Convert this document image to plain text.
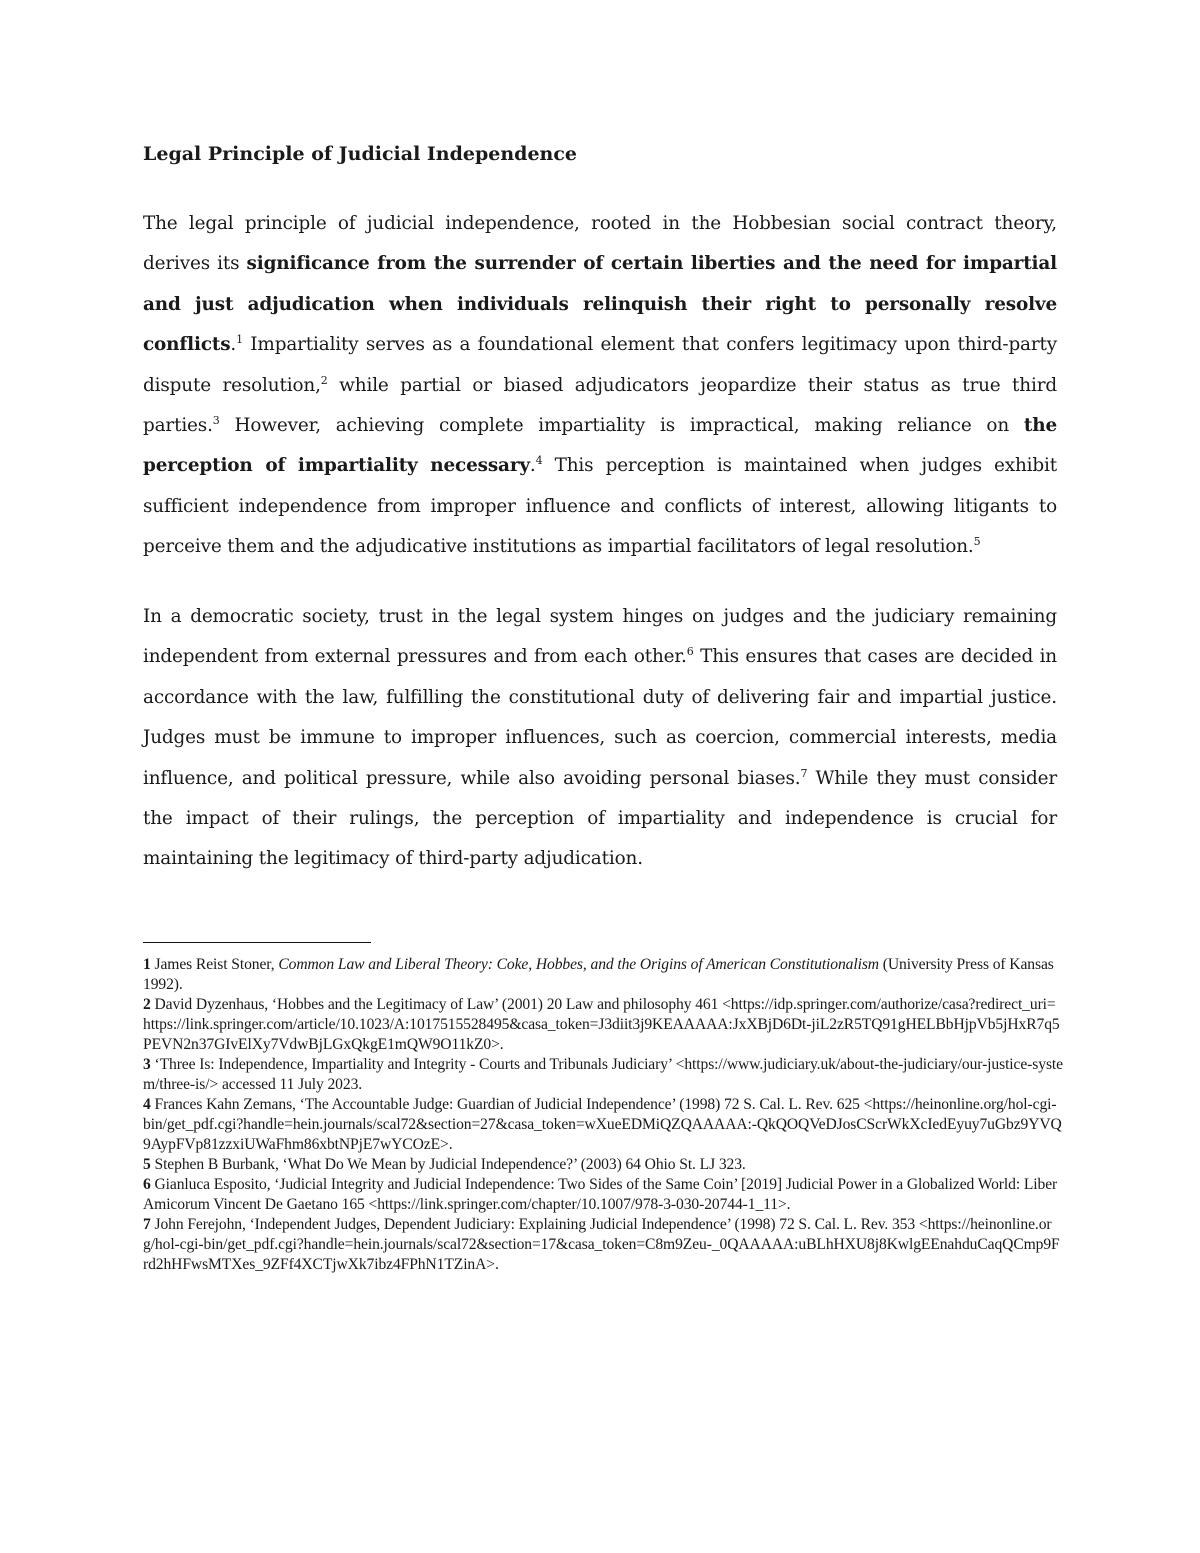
Legal Principle of Judicial Independence

The legal principle of judicial independence, rooted in the Hobbesian social contract theory, derives its significance from the surrender of certain liberties and the need for impartial and just adjudication when individuals relinquish their right to personally resolve conflicts.$^1$ Impartiality serves as a foundational element that confers legitimacy upon third-party dispute resolution,$^2$ while partial or biased adjudicators jeopardize their status as true third parties.$^3$ However, achieving complete impartiality is impractical, making reliance on the perception of impartiality necessary.$^4$ This perception is maintained when judges exhibit sufficient independence from improper influence and conflicts of interest, allowing litigants to perceive them and the adjudicative institutions as impartial facilitators of legal resolution.$^5$

In a democratic society, trust in the legal system hinges on judges and the judiciary remaining independent from external pressures and from each other.$^6$ This ensures that cases are decided in accordance with the law, fulfilling the constitutional duty of delivering fair and impartial justice. Judges must be immune to improper influences, such as coercion, commercial interests, media influence, and political pressure, while also avoiding personal biases.$^7$ While they must consider the impact of their rulings, the perception of impartiality and independence is crucial for maintaining the legitimacy of third-party adjudication.

1 James Reist Stoner, Common Law and Liberal Theory: Coke, Hobbes, and the Origins of American Constitutionalism (University Press of Kansas 1992).

2 David Dyzenhaus, ‘Hobbes and the Legitimacy of Law’ (2001) 20 Law and philosophy 461 <https://idp.springer.com/authorize/casa?redirect_uri=https://link.springer.com/article/10.1023/A:1017515528495&casa_token=J3diit3j9KEAAAAA:JxXBjD6Dt-jiL2zR5TQ91gHELBbHjpVb5jHxR7q5PEVN2n37GIvElXy7VdwBjLGxQkgE1mQW9O11kZ0>.

3 ‘Three Is: Independence, Impartiality and Integrity - Courts and Tribunals Judiciary’ <https://www.judiciary.uk/about-the-judiciary/our-justice-system/three-is/> accessed 11 July 2023.

4 Frances Kahn Zemans, ‘The Accountable Judge: Guardian of Judicial Independence’ (1998) 72 S. Cal. L. Rev. 625 <https://heinonline.org/hol-cgi-bin/get_pdf.cgi?handle=hein.journals/scal72&section=27&casa_token=wXueEDMiQZQAAAAA:-QkQOQVeDJosCScrWkXcIedEyuy7uGbz9YVQ9AypFVp81zzxiUWaFhm86xbtNPjE7wYCOzE>.

5 Stephen B Burbank, ‘What Do We Mean by Judicial Independence?’ (2003) 64 Ohio St. LJ 323.

6 Gianluca Esposito, ‘Judicial Integrity and Judicial Independence: Two Sides of the Same Coin’ [2019] Judicial Power in a Globalized World: Liber Amicorum Vincent De Gaetano 165 <https://link.springer.com/chapter/10.1007/978-3-030-20744-1_11>.

7 John Ferejohn, ‘Independent Judges, Dependent Judiciary: Explaining Judicial Independence’ (1998) 72 S. Cal. L. Rev. 353 <https://heinonline.org/hol-cgi-bin/get_pdf.cgi?handle=hein.journals/scal72&section=17&casa_token=C8m9Zeu-_0QAAAAA:uBLhHXU8j8KwlgEEnahduCaqQCmp9Frd2hHFwsMTXes_9ZFf4XCTjwXk7ibz4FPhN1TZinA>.
